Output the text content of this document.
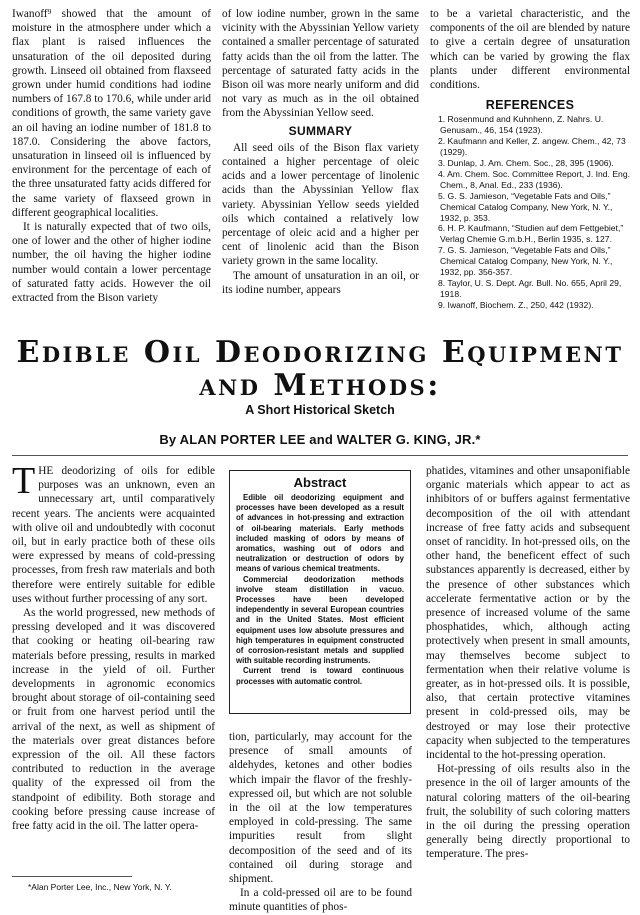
Iwanoff⁹ showed that the amount of moisture in the atmosphere under which a flax plant is raised influences the unsaturation of the oil deposited during growth. Linseed oil obtained from flaxseed grown under humid conditions had iodine numbers of 167.8 to 170.6, while under arid conditions of growth, the same variety gave an oil having an iodine number of 181.8 to 187.0. Considering the above factors, unsaturation in linseed oil is influenced by environment for the percentage of each of the three unsaturated fatty acids differed for the same variety of flaxseed grown in different geographical localities.

It is naturally expected that of two oils, one of lower and the other of higher iodine number, the oil having the higher iodine number would contain a lower percentage of saturated fatty acids. However the oil extracted from the Bison variety

of low iodine number, grown in the same vicinity with the Abyssinian Yellow variety contained a smaller percentage of saturated fatty acids than the oil from the latter. The percentage of saturated fatty acids in the Bison oil was more nearly uniform and did not vary as much as in the oil obtained from the Abyssinian Yellow seed.

SUMMARY

All seed oils of the Bison flax variety contained a higher percentage of oleic acids and a lower percentage of linolenic acids than the Abyssinian Yellow flax variety. Abyssinian Yellow seeds yielded oils which contained a relatively low percentage of oleic acid and a higher per cent of linolenic acid than the Bison variety grown in the same locality.

The amount of unsaturation in an oil, or its iodine number, appears

to be a varietal characteristic, and the components of the oil are blended by nature to give a certain degree of unsaturation which can be varied by growing the flax plants under different environmental conditions.

REFERENCES
1. Rosenmund and Kuhnhenn, Z. Nahrs. U. Genusam., 46, 154 (1923).
2. Kaufmann and Keller, Z. angew. Chem., 42, 73 (1929).
3. Dunlap, J. Am. Chem. Soc., 28, 395 (1906).
4. Am. Chem. Soc. Committee Report, J. Ind. Eng. Chem., 8, Anal. Ed., 233 (1936).
5. G. S. Jamieson, “Vegetable Fats and Oils,” Chemical Catalog Company, New York, N. Y., 1932, p. 353.
6. H. P. Kaufmann, “Studien auf dem Fettgebiet,” Verlag Chemie G.m.b.H., Berlin 1935, s. 127.
7. G. S. Jamieson, “Vegetable Fats and Oils,” Chemical Catalog Company, New York, N. Y., 1932, pp. 356-357.
8. Taylor, U. S. Dept. Agr. Bull. No. 655, April 29, 1918.
9. Iwanoff, Biochem. Z., 250, 442 (1932).
Edible Oil Deodorizing Equipment
and Methods:
A Short Historical Sketch
By ALAN PORTER LEE and WALTER G. KING, JR.*

THE deodorizing of oils for edible purposes was an unknown, even an unnecessary art, until comparatively recent years. The ancients were acquainted with olive oil and undoubtedly with coconut oil, but in early practice both of these oils were expressed by means of cold-pressing processes, from fresh raw materials and both therefore were entirely suitable for edible uses without further processing of any sort.

As the world progressed, new methods of pressing developed and it was discovered that cooking or heating oil-bearing raw materials before pressing, results in marked increase in the yield of oil. Further developments in agronomic economics brought about storage of oil-containing seed or fruit from one harvest period until the arrival of the next, as well as shipment of the materials over great distances before expression of the oil. All these factors contributed to reduction in the average quality of the expressed oil from the standpoint of edibility. Both storage and cooking before pressing cause increase of free fatty acid in the oil. The latter opera-

Abstract

Edible oil deodorizing equipment and processes have been developed as a result of advances in hot-pressing and extraction of oil-bearing materials. Early methods included masking of odors by means of aromatics, washing out of odors and neutralization or destruction of odors by means of various chemical treatments.

Commercial deodorization methods involve steam distillation in vacuo. Processes have been developed independently in several European countries and in the United States. Most efficient equipment uses low absolute pressures and high temperatures in equipment constructed of corrosion-resistant metals and supplied with suitable recording instruments.

Current trend is toward continuous processes with automatic control.

tion, particularly, may account for the presence of small amounts of aldehydes, ketones and other bodies which impair the flavor of the freshly-expressed oil, but which are not soluble in the oil at the low temperatures employed in cold-pressing. The same impurities result from slight decomposition of the seed and of its contained oil during storage and shipment.

In a cold-pressed oil are to be found minute quantities of phos-

phatides, vitamines and other unsaponifiable organic materials which appear to act as inhibitors of or buffers against fermentative decomposition of the oil with attendant increase of free fatty acids and subsequent onset of rancidity. In hot-pressed oils, on the other hand, the beneficent effect of such substances apparently is decreased, either by the presence of other substances which accelerate fermentative action or by the presence of increased volume of the same phosphatides, which, although acting protectively when present in small amounts, may themselves become subject to fermentation when their relative volume is greater, as in hot-pressed oils. It is possible, also, that certain protective vitamines present in cold-pressed oils, may be destroyed or may lose their protective capacity when subjected to the temperatures incidental to the hot-pressing operation.

Hot-pressing of oils results also in the presence in the oil of larger amounts of the natural coloring matters of the oil-bearing fruit, the solubility of such coloring matters in the oil during the pressing operation generally being directly proportional to temperature. The pres-

*Alan Porter Lee, Inc., New York, N. Y.
